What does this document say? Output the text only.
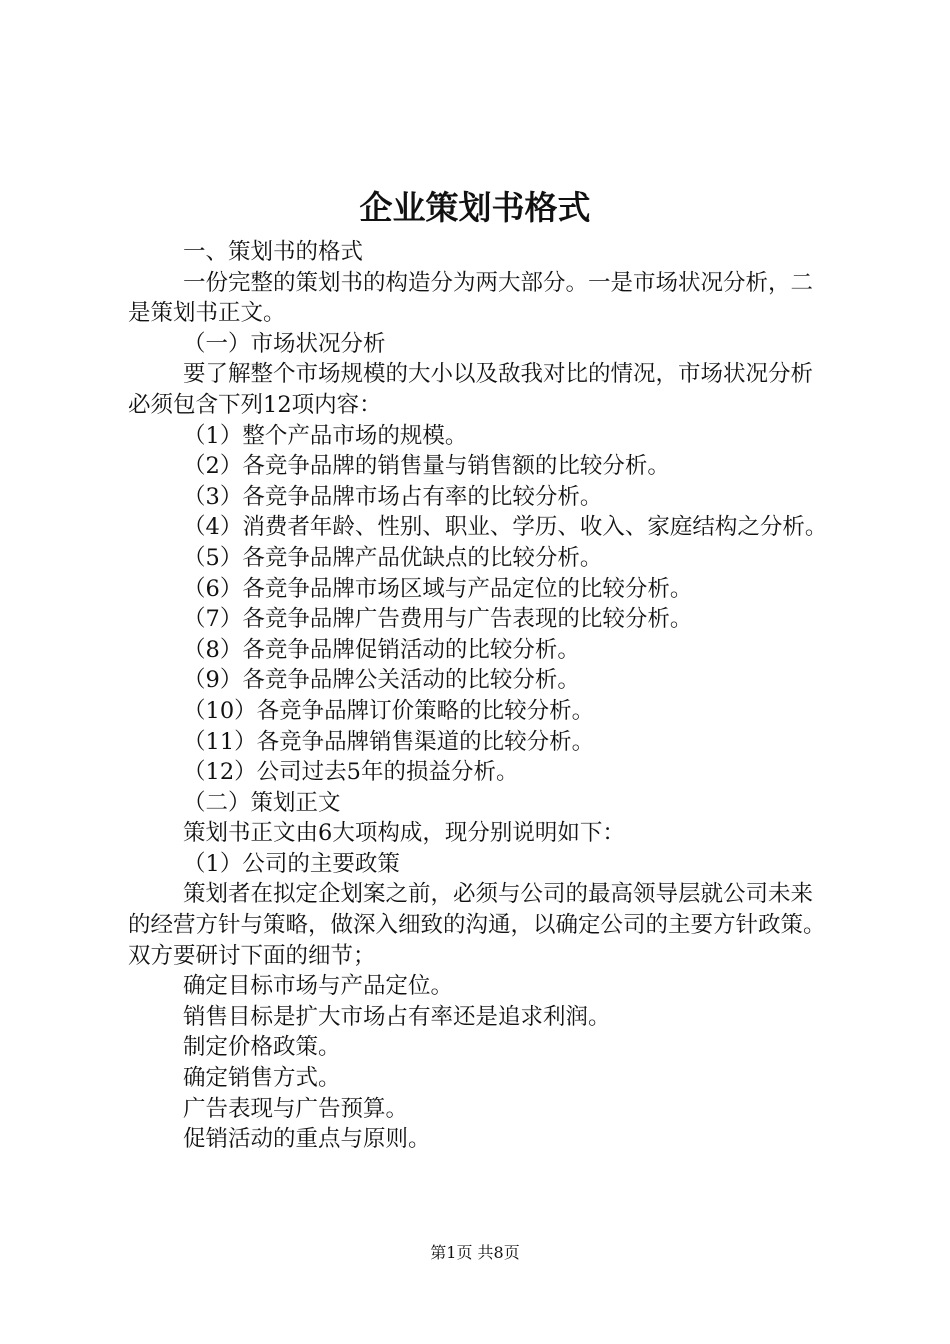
企业策划书格式

一、策划书的格式

一份完整的策划书的构造分为两大部分。一是市场状况分析，二是策划书正文。

（一）市场状况分析

要了解整个市场规模的大小以及敌我对比的情况，市场状况分析必须包含下列12项内容：

（1）整个产品市场的规模。

（2）各竞争品牌的销售量与销售额的比较分析。

（3）各竞争品牌市场占有率的比较分析。

（4）消费者年龄、性别、职业、学历、收入、家庭结构之分析。

（5）各竞争品牌产品优缺点的比较分析。

（6）各竞争品牌市场区域与产品定位的比较分析。

（7）各竞争品牌广告费用与广告表现的比较分析。

（8）各竞争品牌促销活动的比较分析。

（9）各竞争品牌公关活动的比较分析。

（10）各竞争品牌订价策略的比较分析。

（11）各竞争品牌销售渠道的比较分析。

（12）公司过去5年的损益分析。

（二）策划正文

策划书正文由6大项构成，现分别说明如下：

（1）公司的主要政策

策划者在拟定企划案之前，必须与公司的最高领导层就公司未来的经营方针与策略，做深入细致的沟通，以确定公司的主要方针政策。双方要研讨下面的细节；

确定目标市场与产品定位。

销售目标是扩大市场占有率还是追求利润。

制定价格政策。

确定销售方式。

广告表现与广告预算。

促销活动的重点与原则。

第1页 共8页
